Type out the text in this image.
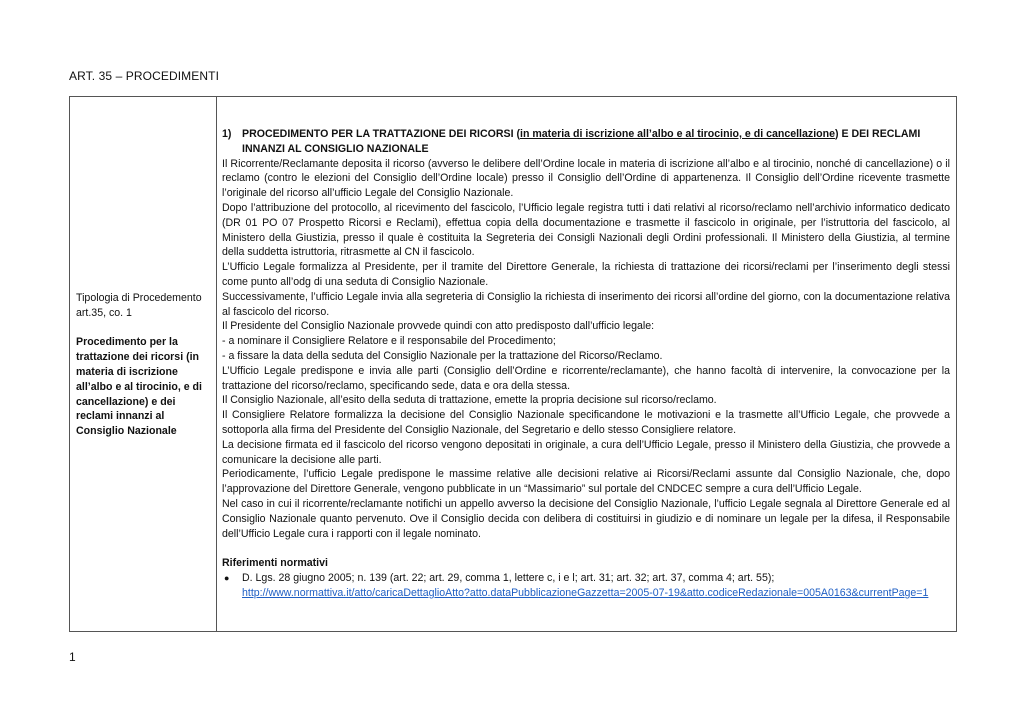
ART. 35 – PROCEDIMENTI

Tipologia di Procedemento

art.35, co. 1

Procedimento per la trattazione dei ricorsi (in materia di iscrizione all’albo e al tirocinio, e di cancellazione) e dei reclami innanzi al Consiglio Nazionale

1) PROCEDIMENTO PER LA TRATTAZIONE DEI RICORSI (in materia di iscrizione all’albo e al tirocinio, e di cancellazione) E DEI RECLAMI INNANZI AL CONSIGLIO NAZIONALE

Il Ricorrente/Reclamante deposita il ricorso (avverso le delibere dell’Ordine locale in materia di iscrizione all’albo e al tirocinio, nonché di cancellazione) o il reclamo (contro le elezioni del Consiglio dell’Ordine locale) presso il Consiglio dell’Ordine di appartenenza. Il Consiglio dell’Ordine ricevente trasmette l’originale del ricorso all’ufficio Legale del Consiglio Nazionale.

Dopo l’attribuzione del protocollo, al ricevimento del fascicolo, l’Ufficio legale registra tutti i dati relativi al ricorso/reclamo nell’archivio informatico dedicato (DR 01 PO 07 Prospetto Ricorsi e Reclami), effettua copia della documentazione e trasmette il fascicolo in originale, per l’istruttoria del fascicolo, al Ministero della Giustizia, presso il quale è costituita la Segreteria dei Consigli Nazionali degli Ordini professionali. Il Ministero della Giustizia, al termine della suddetta istruttoria, ritrasmette al CN il fascicolo.

L’Ufficio Legale formalizza al Presidente, per il tramite del Direttore Generale, la richiesta di trattazione dei ricorsi/reclami per l’inserimento degli stessi come punto all’odg di una seduta di Consiglio Nazionale.

Successivamente, l’ufficio Legale invia alla segreteria di Consiglio la richiesta di inserimento dei ricorsi all’ordine del giorno, con la documentazione relativa al fascicolo del ricorso.

Il Presidente del Consiglio Nazionale provvede quindi con atto predisposto dall’ufficio legale:

- a nominare il Consigliere Relatore e il responsabile del Procedimento;

- a fissare la data della seduta del Consiglio Nazionale per la trattazione del Ricorso/Reclamo.

L’Ufficio Legale predispone e invia alle parti (Consiglio dell’Ordine e ricorrente/reclamante), che hanno facoltà di intervenire, la convocazione per la trattazione del ricorso/reclamo, specificando sede, data e ora della stessa.

Il Consiglio Nazionale, all’esito della seduta di trattazione, emette la propria decisione sul ricorso/reclamo.

Il Consigliere Relatore formalizza la decisione del Consiglio Nazionale specificandone le motivazioni e la trasmette all’Ufficio Legale, che provvede a sottoporla alla firma del Presidente del Consiglio Nazionale, del Segretario e dello stesso Consigliere relatore.

La decisione firmata ed il fascicolo del ricorso vengono depositati in originale, a cura dell’Ufficio Legale, presso il Ministero della Giustizia, che provvede a comunicare la decisione alle parti.

Periodicamente, l’ufficio Legale predispone le massime relative alle decisioni relative ai Ricorsi/Reclami assunte dal Consiglio Nazionale, che, dopo l’approvazione del Direttore Generale, vengono pubblicate in un “Massimario” sul portale del CNDCEC sempre a cura dell’Ufficio Legale.

Nel caso in cui il ricorrente/reclamante notifichi un appello avverso la decisione del Consiglio Nazionale, l’ufficio Legale segnala al Direttore Generale ed al Consiglio Nazionale quanto pervenuto. Ove il Consiglio decida con delibera di costituirsi in giudizio e di nominare un legale per la difesa, il Responsabile dell’Ufficio Legale cura i rapporti con il legale nominato.

Riferimenti normativi

●	D. Lgs. 28 giugno 2005; n. 139 (art. 22; art. 29, comma 1, lettere c, i e l; art. 31; art. 32; art. 37, comma 4; art. 55);
http://www.normattiva.it/atto/caricaDettaglioAtto?atto.dataPubblicazioneGazzetta=2005-07-19&atto.codiceRedazionale=005A0163&currentPage=1
1
